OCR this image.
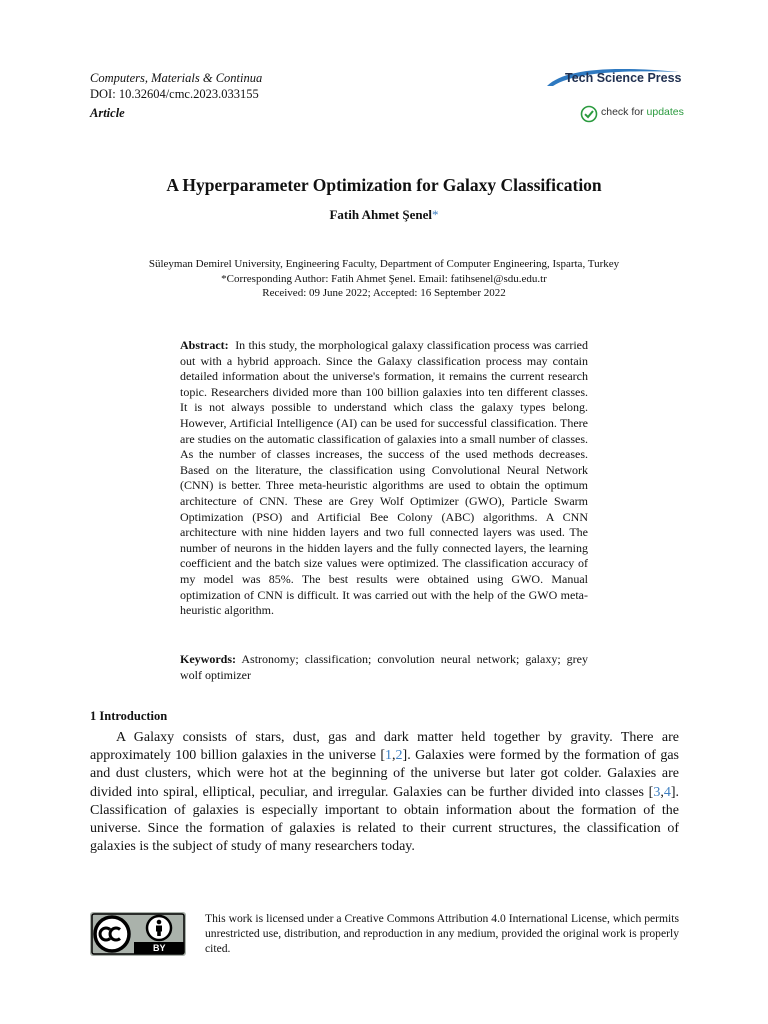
Computers, Materials & Continua
DOI: 10.32604/cmc.2023.033155
Article
Tech Science Press
check for updates
A Hyperparameter Optimization for Galaxy Classification
Fatih Ahmet Şenel*
Süleyman Demirel University, Engineering Faculty, Department of Computer Engineering, Isparta, Turkey
*Corresponding Author: Fatih Ahmet Şenel. Email: fatihsenel@sdu.edu.tr
Received: 09 June 2022; Accepted: 16 September 2022

Abstract: In this study, the morphological galaxy classification process was carried out with a hybrid approach. Since the Galaxy classification process may contain detailed information about the universe's formation, it remains the current research topic. Researchers divided more than 100 billion galaxies into ten different classes. It is not always possible to understand which class the galaxy types belong. However, Artificial Intelligence (AI) can be used for successful classification. There are studies on the automatic classification of galaxies into a small number of classes. As the number of classes increases, the success of the used methods decreases. Based on the literature, the classification using Convolutional Neural Network (CNN) is better. Three meta-heuristic algorithms are used to obtain the optimum architecture of CNN. These are Grey Wolf Optimizer (GWO), Particle Swarm Optimization (PSO) and Artificial Bee Colony (ABC) algorithms. A CNN architecture with nine hidden layers and two full connected layers was used. The number of neurons in the hidden layers and the fully connected layers, the learning coefficient and the batch size values were optimized. The classification accuracy of my model was 85%. The best results were obtained using GWO. Manual optimization of CNN is difficult. It was carried out with the help of the GWO meta-heuristic algorithm.

Keywords: Astronomy; classification; convolution neural network; galaxy; grey wolf optimizer

1 Introduction

A Galaxy consists of stars, dust, gas and dark matter held together by gravity. There are approximately 100 billion galaxies in the universe [1,2]. Galaxies were formed by the formation of gas and dust clusters, which were hot at the beginning of the universe but later got colder. Galaxies are divided into spiral, elliptical, peculiar, and irregular. Galaxies can be further divided into classes [3,4]. Classification of galaxies is especially important to obtain information about the formation of the universe. Since the formation of galaxies is related to their current structures, the classification of galaxies is the subject of study of many researchers today.

BY
This work is licensed under a Creative Commons Attribution 4.0 International License, which permits unrestricted use, distribution, and reproduction in any medium, provided the original work is properly cited.
